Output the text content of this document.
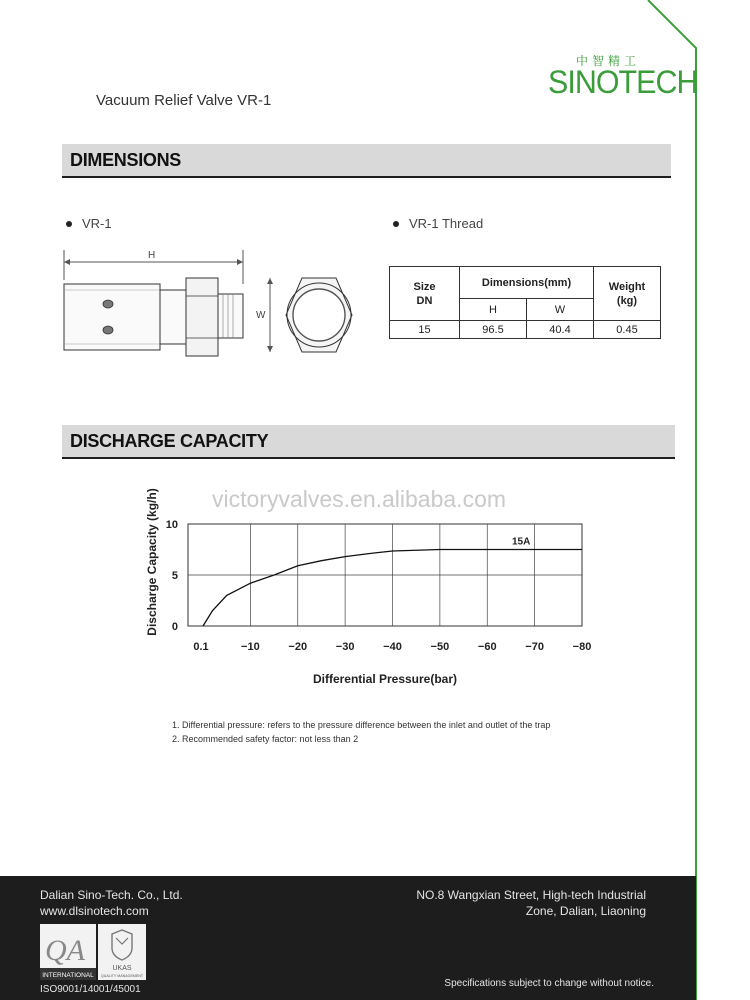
中智精工
SINOTECH
Vacuum Relief Valve VR-1
DIMENSIONS
VR-1	VR-1 Thread
H
W
Size
DN	Dimensions(mm)		Weight
(kg)
	H	W	
15	96.5	40.4	0.45
DISCHARGE CAPACITY
0.1	−10	−20	−30	−40	−50	−60	−70	−80
0
5
10
15A
Discharge Capacity (kg/h)
Differential Pressure(bar)
victoryvalves.en.alibaba.com
1. Differential pressure: refers to the pressure difference between the inlet and outlet of the trap
2. Recommended safety factor: not less than 2
Dalian Sino-Tech. Co., Ltd.
www.dlsinotech.com
NO.8 Wangxian Street, High-tech Industrial
Zone, Dalian, Liaoning
QA
INTERNATIONAL
UKAS
QUALITY MANAGEMENT
ISO9001/14001/45001
Specifications subject to change without notice.
